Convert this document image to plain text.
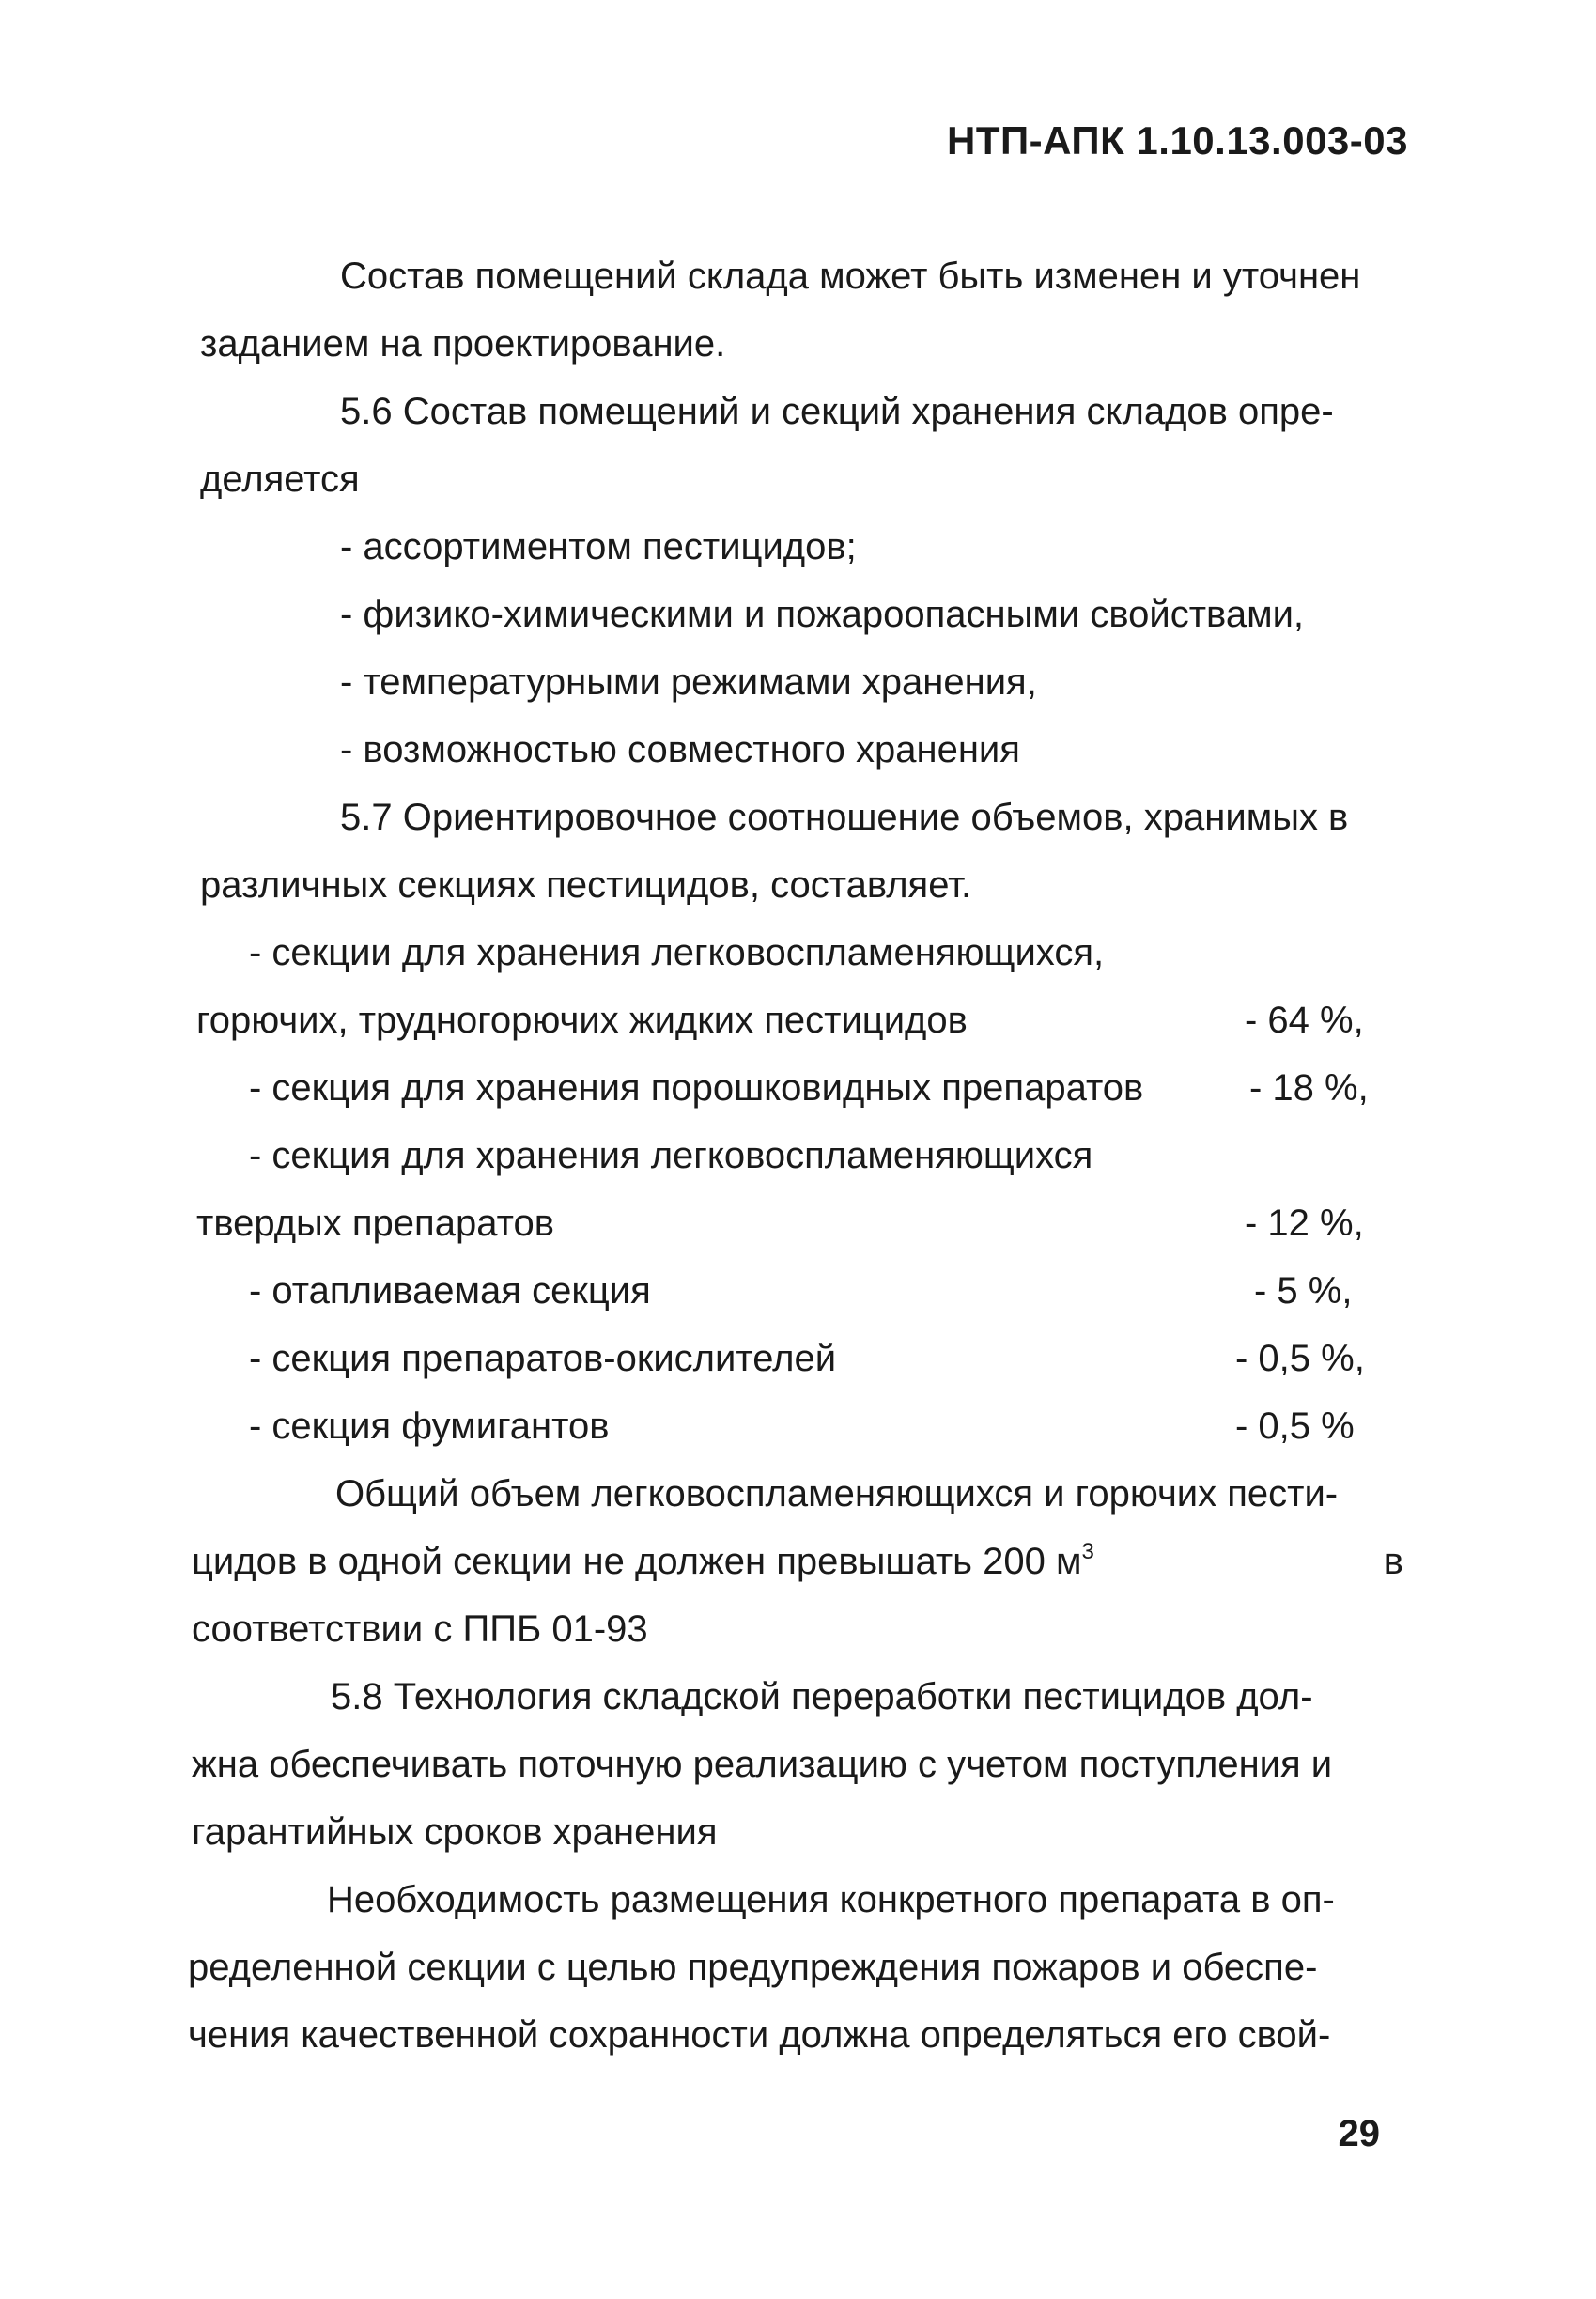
НТП-АПК 1.10.13.003-03
Состав помещений склада может быть изменен и уточнен
заданием на проектирование.
5.6 Состав помещений и секций хранения складов опре-
деляется
- ассортиментом пестицидов;
- физико-химическими и пожароопасными свойствами,
- температурными режимами хранения,
- возможностью совместного хранения
5.7 Ориентировочное соотношение объемов, хранимых в
различных секциях пестицидов, составляет.
- секции для хранения легковоспламеняющихся,
горючих, трудногорючих жидких пестицидов	- 64 %,
- секция для хранения порошковидных препаратов	- 18 %,
- секция для хранения легковоспламеняющихся
твердых препаратов	- 12 %,
- отапливаемая секция	- 5 %,
- секция препаратов-окислителей	- 0,5 %,
- секция фумигантов	- 0,5 %
Общий объем легковоспламеняющихся и горючих пести-
цидов в одной секции не должен превышать 200 $м^3$	в
соответствии с ППБ 01-93
5.8 Технология складской переработки пестицидов дол-
жна обеспечивать поточную реализацию с учетом поступления и
гарантийных сроков хранения
Необходимость размещения конкретного препарата в оп-
ределенной секции с целью предупреждения пожаров и обеспе-
чения качественной сохранности должна определяться его свой-
29
